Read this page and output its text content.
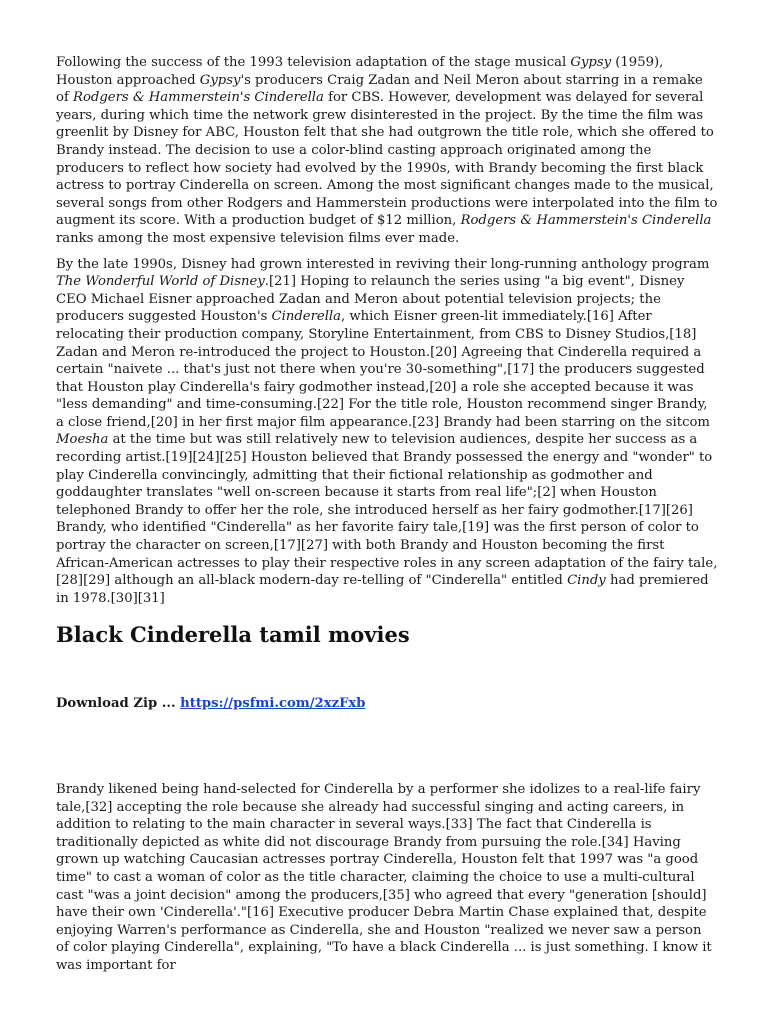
Following the success of the 1993 television adaptation of the stage musical Gypsy (1959), Houston approached Gypsy's producers Craig Zadan and Neil Meron about starring in a remake of Rodgers & Hammerstein's Cinderella for CBS. However, development was delayed for several years, during which time the network grew disinterested in the project. By the time the film was greenlit by Disney for ABC, Houston felt that she had outgrown the title role, which she offered to Brandy instead. The decision to use a color-blind casting approach originated among the producers to reflect how society had evolved by the 1990s, with Brandy becoming the first black actress to portray Cinderella on screen. Among the most significant changes made to the musical, several songs from other Rodgers and Hammerstein productions were interpolated into the film to augment its score. With a production budget of $12 million, Rodgers & Hammerstein's Cinderella ranks among the most expensive television films ever made.

By the late 1990s, Disney had grown interested in reviving their long-running anthology program The Wonderful World of Disney.[21] Hoping to relaunch the series using "a big event", Disney CEO Michael Eisner approached Zadan and Meron about potential television projects; the producers suggested Houston's Cinderella, which Eisner green-lit immediately.[16] After relocating their production company, Storyline Entertainment, from CBS to Disney Studios,[18] Zadan and Meron re-introduced the project to Houston.[20] Agreeing that Cinderella required a certain "naivete ... that's just not there when you're 30-something",[17] the producers suggested that Houston play Cinderella's fairy godmother instead,[20] a role she accepted because it was "less demanding" and time-consuming.[22] For the title role, Houston recommend singer Brandy, a close friend,[20] in her first major film appearance.[23] Brandy had been starring on the sitcom Moesha at the time but was still relatively new to television audiences, despite her success as a recording artist.[19][24][25] Houston believed that Brandy possessed the energy and "wonder" to play Cinderella convincingly, admitting that their fictional relationship as godmother and goddaughter translates "well on-screen because it starts from real life";[2] when Houston telephoned Brandy to offer her the role, she introduced herself as her fairy godmother.[17][26] Brandy, who identified "Cinderella" as her favorite fairy tale,[19] was the first person of color to portray the character on screen,[17][27] with both Brandy and Houston becoming the first African-American actresses to play their respective roles in any screen adaptation of the fairy tale,[28][29] although an all-black modern-day re-telling of "Cinderella" entitled Cindy had premiered in 1978.[30][31]

Black Cinderella tamil movies

Download Zip ... https://psfmi.com/2xzFxb

Brandy likened being hand-selected for Cinderella by a performer she idolizes to a real-life fairy tale,[32] accepting the role because she already had successful singing and acting careers, in addition to relating to the main character in several ways.[33] The fact that Cinderella is traditionally depicted as white did not discourage Brandy from pursuing the role.[34] Having grown up watching Caucasian actresses portray Cinderella, Houston felt that 1997 was "a good time" to cast a woman of color as the title character, claiming the choice to use a multi-cultural cast "was a joint decision" among the producers,[35] who agreed that every "generation [should] have their own 'Cinderella'."[16] Executive producer Debra Martin Chase explained that, despite enjoying Warren's performance as Cinderella, she and Houston "realized we never saw a person of color playing Cinderella", explaining, "To have a black Cinderella ... is just something. I know it was important for
